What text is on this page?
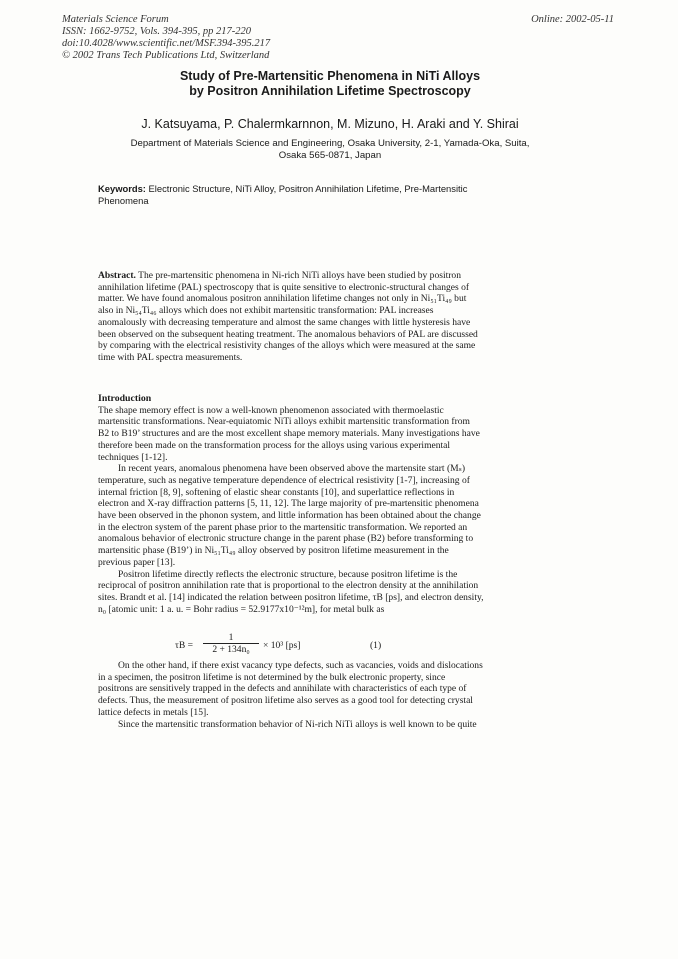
Materials Science Forum
ISSN: 1662-9752, Vols. 394-395, pp 217-220
doi:10.4028/www.scientific.net/MSF.394-395.217
© 2002 Trans Tech Publications Ltd, Switzerland
Online: 2002-05-11
Study of Pre-Martensitic Phenomena in NiTi Alloys
by Positron Annihilation Lifetime Spectroscopy
J. Katsuyama, P. Chalermkarnnon, M. Mizuno, H. Araki and Y. Shirai
Department of Materials Science and Engineering, Osaka University, 2-1, Yamada-Oka, Suita,
Osaka 565-0871, Japan
Keywords: Electronic Structure, NiTi Alloy, Positron Annihilation Lifetime, Pre-Martensitic
Phenomena
Abstract. The pre-martensitic phenomena in Ni-rich NiTi alloys have been studied by positron
annihilation lifetime (PAL) spectroscopy that is quite sensitive to electronic-structural changes of
matter. We have found anomalous positron annihilation lifetime changes not only in Ni₅₁Ti₄₉ but
also in Ni₅₄Ti₄₆ alloys which does not exhibit martensitic transformation: PAL increases
anomalously with decreasing temperature and almost the same changes with little hysteresis have
been observed on the subsequent heating treatment. The anomalous behaviors of PAL are discussed
by comparing with the electrical resistivity changes of the alloys which were measured at the same
time with PAL spectra measurements.
Introduction
The shape memory effect is now a well-known phenomenon associated with thermoelastic
martensitic transformations. Near-equiatomic NiTi alloys exhibit martensitic transformation from
B2 to B19’ structures and are the most excellent shape memory materials. Many investigations have
therefore been made on the transformation process for the alloys using various experimental
techniques [1-12].
In recent years, anomalous phenomena have been observed above the martensite start (Mₛ)
temperature, such as negative temperature dependence of electrical resistivity [1-7], increasing of
internal friction [8, 9], softening of elastic shear constants [10], and superlattice reflections in
electron and X-ray diffraction patterns [5, 11, 12]. The large majority of pre-martensitic phenomena
have been observed in the phonon system, and little information has been obtained about the change
in the electron system of the parent phase prior to the martensitic transformation. We reported an
anomalous behavior of electronic structure change in the parent phase (B2) before transforming to
martensitic phase (B19’) in Ni₅₁Ti₄₉ alloy observed by positron lifetime measurement in the
previous paper [13].
Positron lifetime directly reflects the electronic structure, because positron lifetime is the
reciprocal of positron annihilation rate that is proportional to the electron density at the annihilation
sites. Brandt et al. [14] indicated the relation between positron lifetime, τB [ps], and electron density,
n₀ [atomic unit: 1 a. u. = Bohr radius = 52.9177x10⁻¹²m], for metal bulk as
τB =
1
2 + 134n₀	× 10³ [ps]	(1)
On the other hand, if there exist vacancy type defects, such as vacancies, voids and dislocations
in a specimen, the positron lifetime is not determined by the bulk electronic property, since
positrons are sensitively trapped in the defects and annihilate with characteristics of each type of
defects. Thus, the measurement of positron lifetime also serves as a good tool for detecting crystal
lattice defects in metals [15].
Since the martensitic transformation behavior of Ni-rich NiTi alloys is well known to be quite
